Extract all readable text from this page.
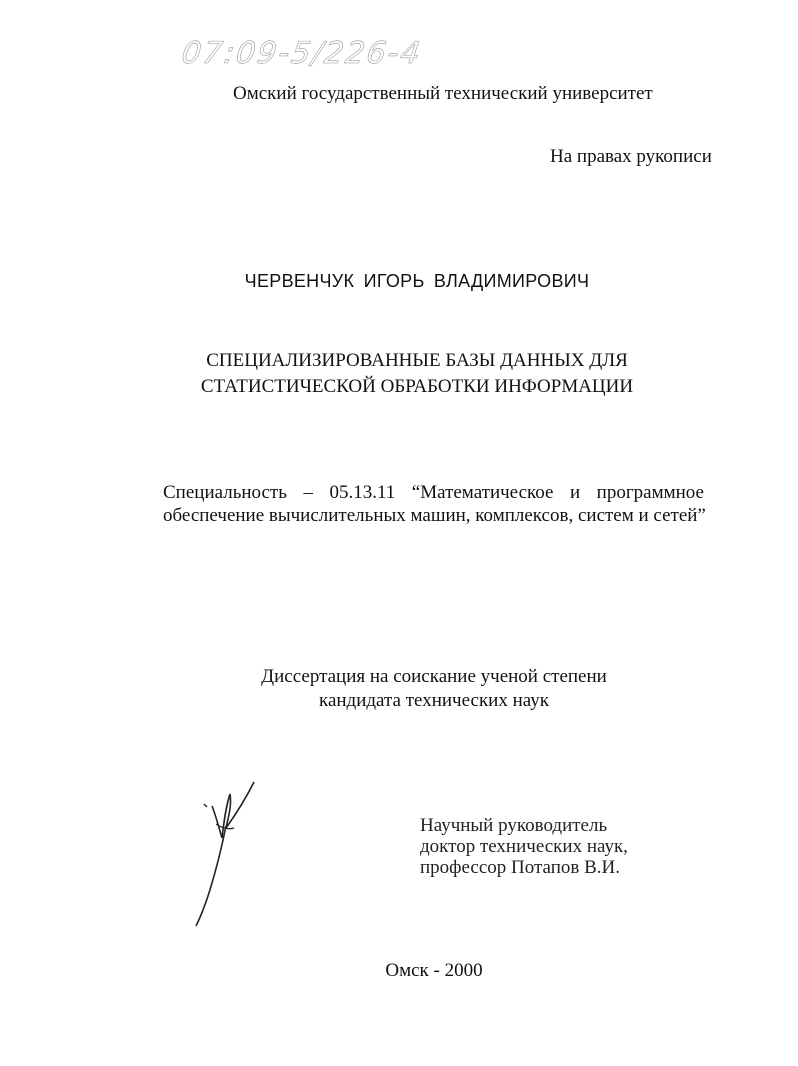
07:09-5/226-4
Омский государственный технический университет
На правах рукописи
ЧЕРВЕНЧУК ИГОРЬ ВЛАДИМИРОВИЧ
СПЕЦИАЛИЗИРОВАННЫЕ БАЗЫ ДАННЫХ ДЛЯ
СТАТИСТИЧЕСКОЙ ОБРАБОТКИ ИНФОРМАЦИИ
Специальность – 05.13.11 “Математическое и программное
обеспечение вычислительных машин, комплексов, систем и сетей”
Диссертация на соискание ученой степени
кандидата технических наук
Научный руководитель
доктор технических наук,
профессор Потапов В.И.
Омск - 2000
